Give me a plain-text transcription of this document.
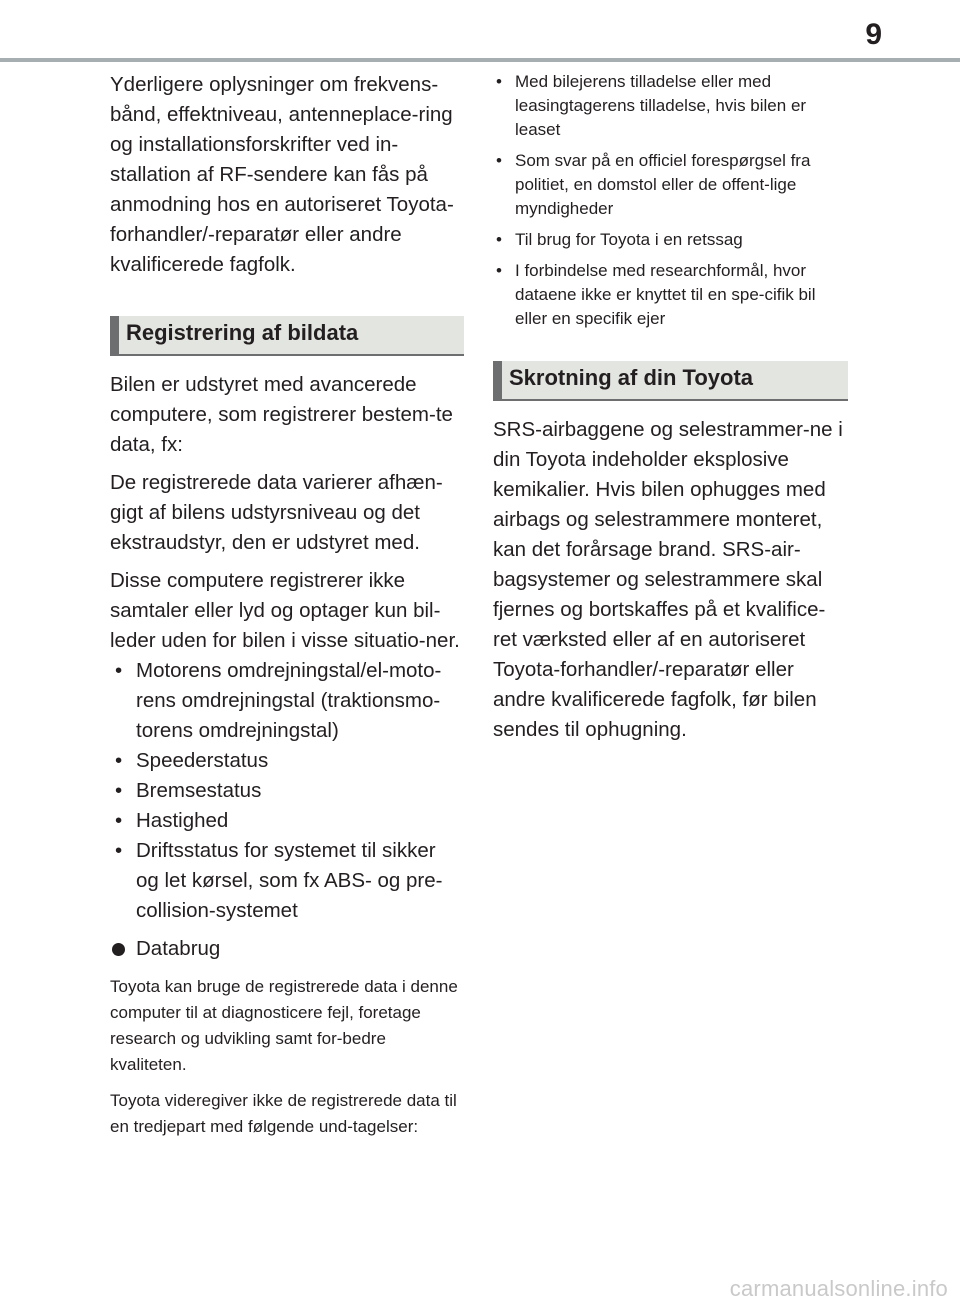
9

Yderligere oplysninger om frekvens-bånd, effektniveau, antenneplace-ring og installationsforskrifter ved in-stallation af RF-sendere kan fås på anmodning hos en autoriseret Toyota-forhandler/-reparatør eller andre kvalificerede fagfolk.

Registrering af bildata

Bilen er udstyret med avancerede computere, som registrerer bestem-te data, fx:

De registrerede data varierer afhæn-gigt af bilens udstyrsniveau og det ekstraudstyr, den er udstyret med.

Disse computere registrerer ikke samtaler eller lyd og optager kun bil-leder uden for bilen i visse situatio-ner.

• Motorens omdrejningstal/el-moto-rens omdrejningstal (traktionsmo-torens omdrejningstal)
• Speederstatus
• Bremsestatus
• Hastighed
• Driftsstatus for systemet til sikker og let kørsel, som fx ABS- og pre-collision-systemet
Databrug

Toyota kan bruge de registrerede data i denne computer til at diagnosticere fejl, foretage research og udvikling samt for-bedre kvaliteten.

Toyota videregiver ikke de registrerede data til en tredjepart med følgende und-tagelser:

• Med bilejerens tilladelse eller med leasingtagerens tilladelse, hvis bilen er leaset
• Som svar på en officiel forespørgsel fra politiet, en domstol eller de offent-lige myndigheder
• Til brug for Toyota i en retssag
• I forbindelse med researchformål, hvor dataene ikke er knyttet til en spe-cifik bil eller en specifik ejer
Skrotning af din Toyota

SRS-airbaggene og selestrammer-ne i din Toyota indeholder eksplosive kemikalier. Hvis bilen ophugges med airbags og selestrammere monteret, kan det forårsage brand. SRS-air-bagsystemer og selestrammere skal fjernes og bortskaffes på et kvalifice-ret værksted eller af en autoriseret Toyota-forhandler/-reparatør eller andre kvalificerede fagfolk, før bilen sendes til ophugning.

carmanualsonline.info
